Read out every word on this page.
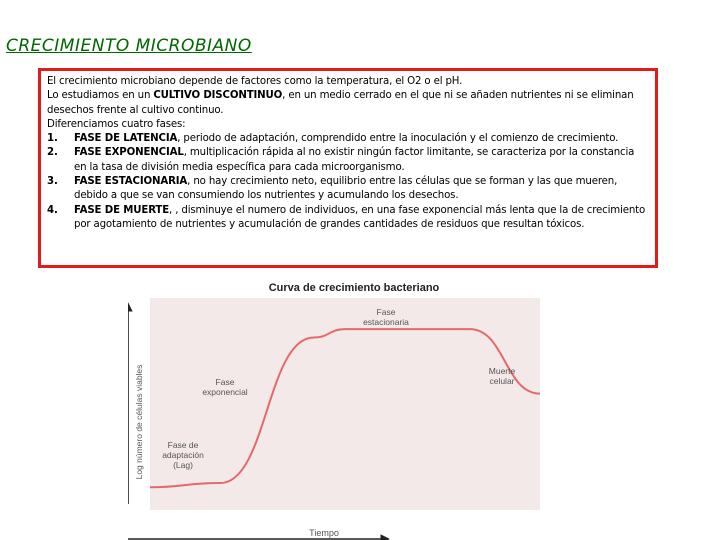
CRECIMIENTO MICROBIANO

El crecimiento microbiano depende de factores como la temperatura, el O2 o el pH.

Lo estudiamos en un CULTIVO DISCONTINUO, en un medio cerrado en el que ni se añaden nutrientes ni se eliminan desechos frente al cultivo continuo.

Diferenciamos cuatro fases:

1.	FASE DE LATENCIA, periodo de adaptación, comprendido entre la inoculación y el comienzo de crecimiento.
2.	FASE EXPONENCIAL, multiplicación rápida al no existir ningún factor limitante, se caracteriza por la constancia en la tasa de división media específica para cada microorganismo.
3.	FASE ESTACIONARIA, no hay crecimiento neto, equilibrio entre las células que se forman y las que mueren, debido a que se van consumiendo los nutrientes y acumulando los desechos.
4.	FASE DE MUERTE, , disminuye el numero de individuos, en una fase exponencial más lenta que la de crecimiento por agotamiento de nutrientes y acumulación de grandes cantidades de residuos que resultan tóxicos.
Curva de crecimiento bacteriano
Log número de células viables
Tiempo
Fase de adaptación (Lag)
Fase exponencial
Fase estacionaria
Muerte celular
